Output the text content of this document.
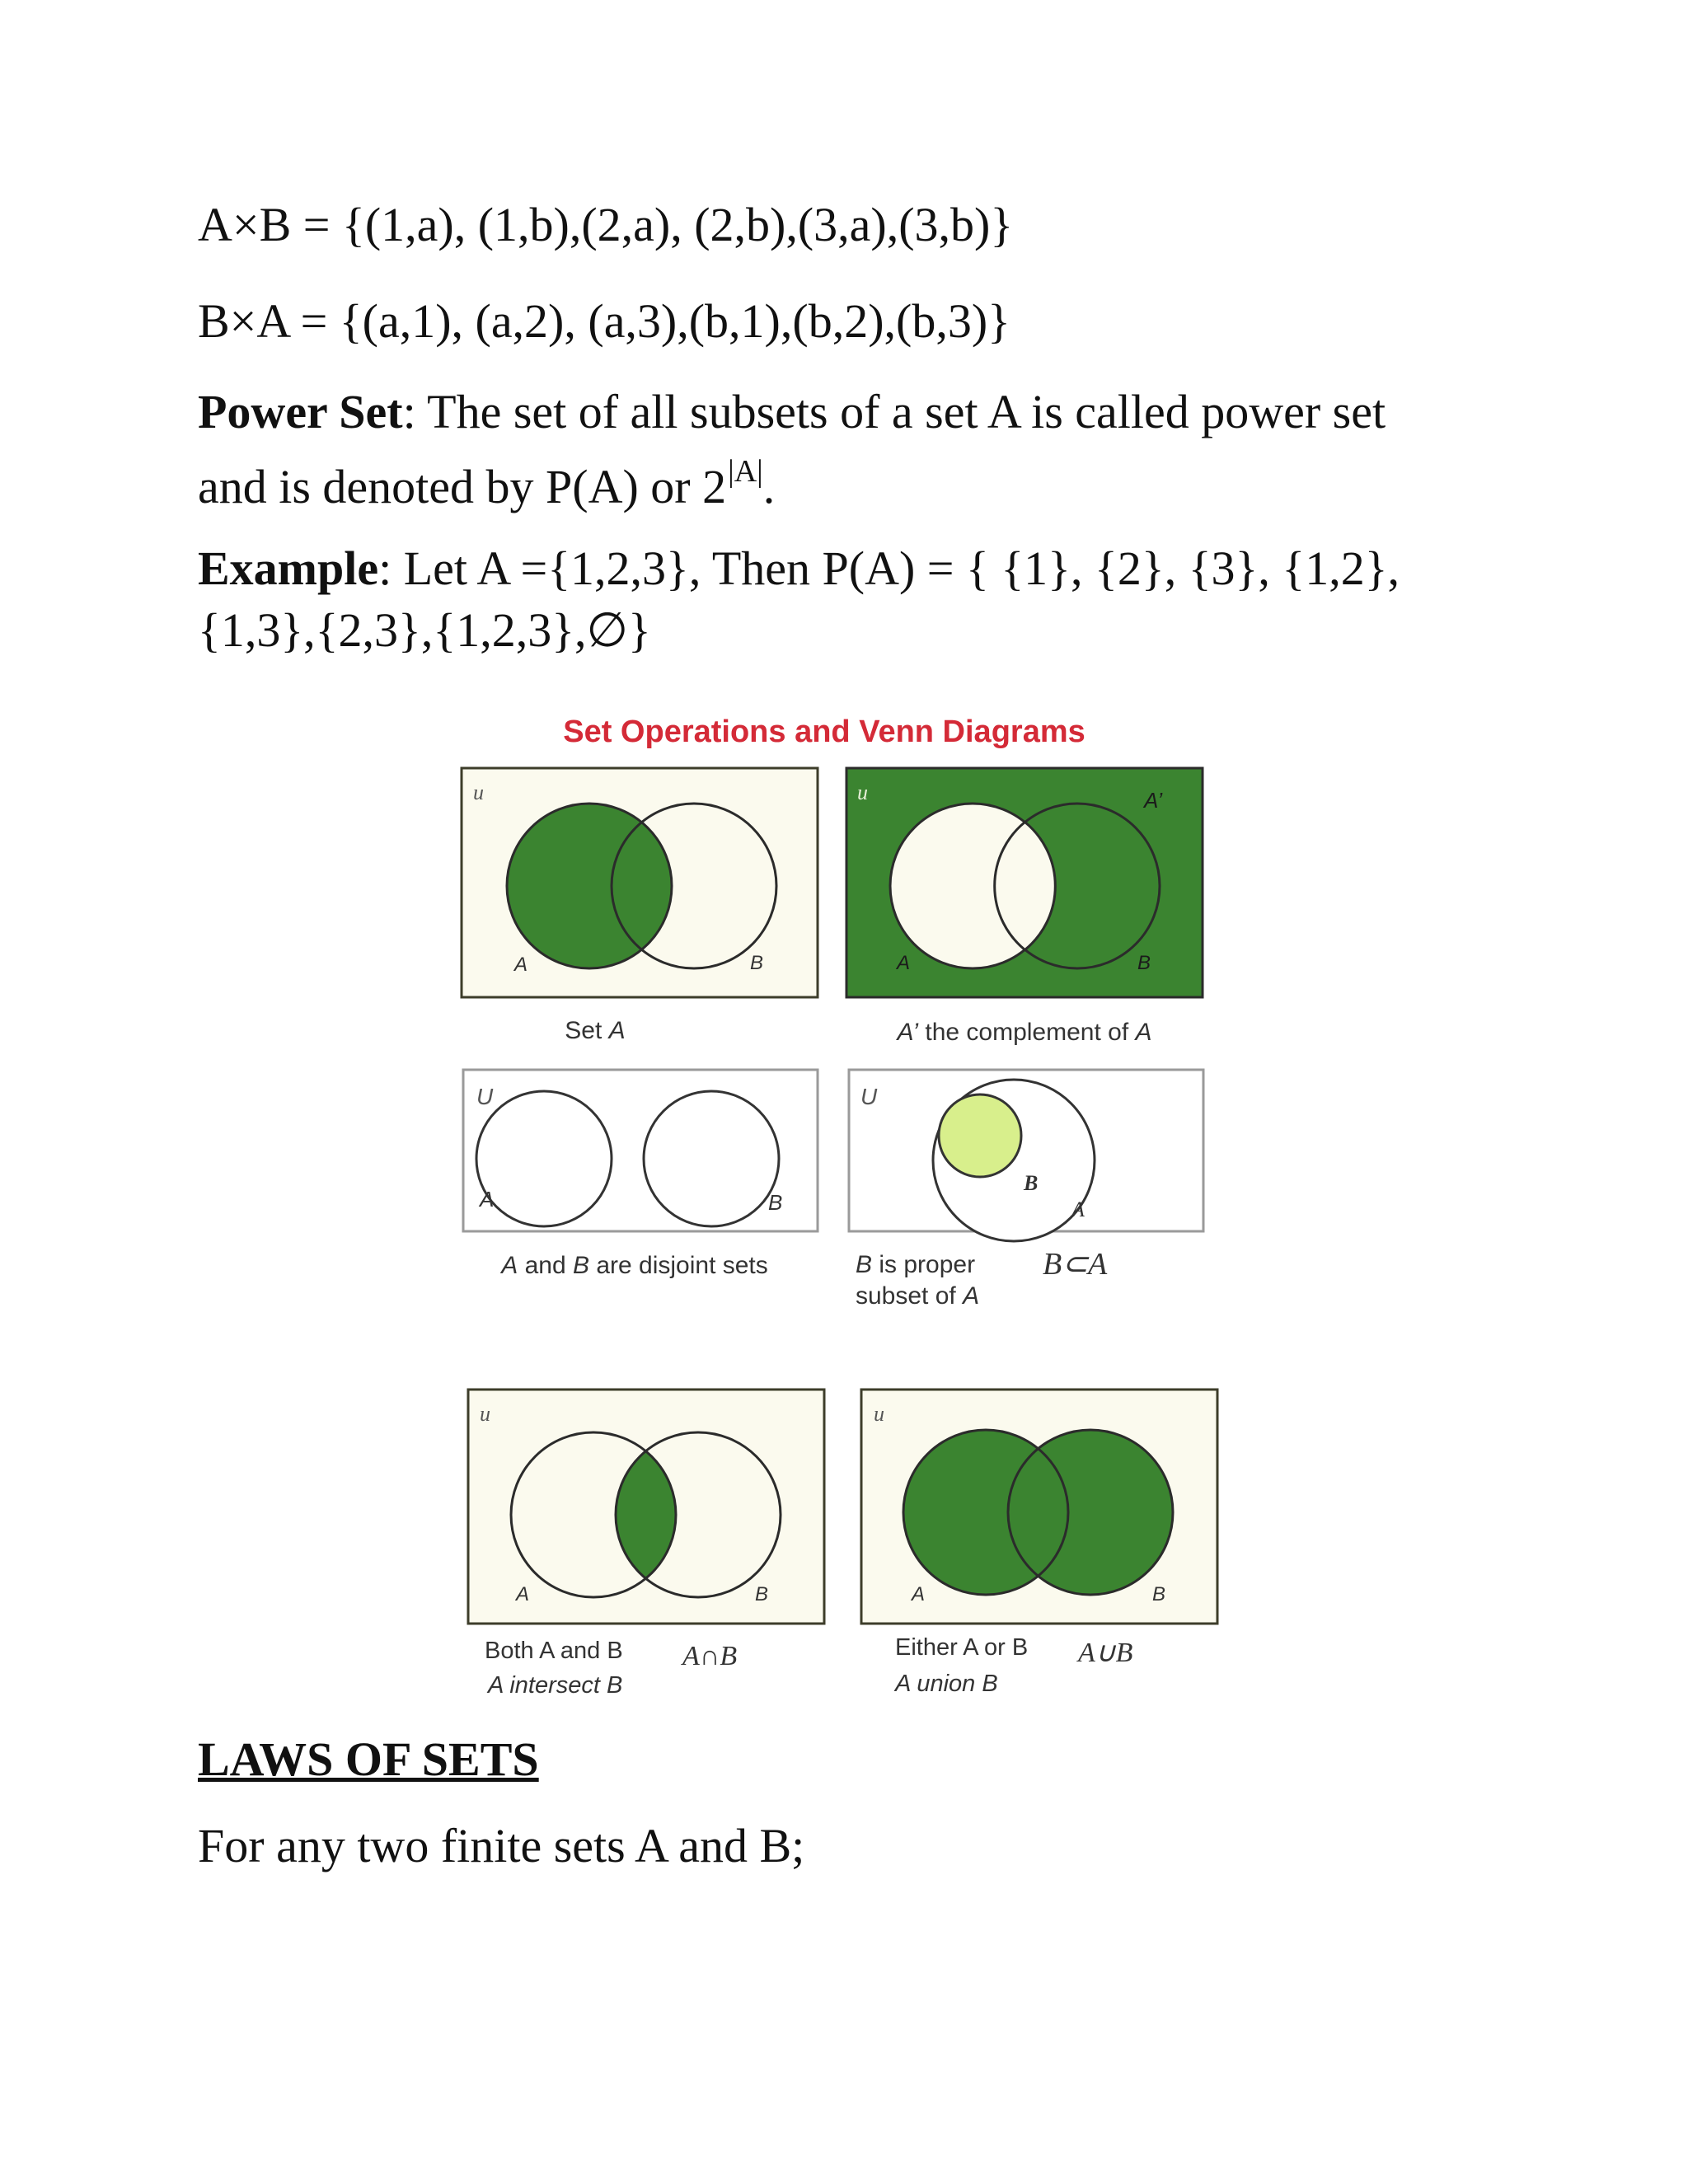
A×B = {(1,a), (1,b),(2,a), (2,b),(3,a),(3,b)}
B×A = {(a,1), (a,2), (a,3),(b,1),(b,2),(b,3)}
Power Set: The set of all subsets of a set A is called power set
and is denoted by P(A) or $2^{|A|}$.
Example: Let A ={1,2,3}, Then P(A) = { {1}, {2}, {3}, {1,2},
{1,3},{2,3},{1,2,3},∅}
Set Operations and Venn Diagrams
u
A	B
Set A
u	A’
A	B
A’ the complement of A
U
A	B
A and B are disjoint sets
U
B
A
B is proper
subset of A
B⊂A
u
A	B
Both A and B
A intersect B
A∩B
u
A	B
Either A or B
A union B
A∪B
LAWS OF SETS
For any two finite sets A and B;
